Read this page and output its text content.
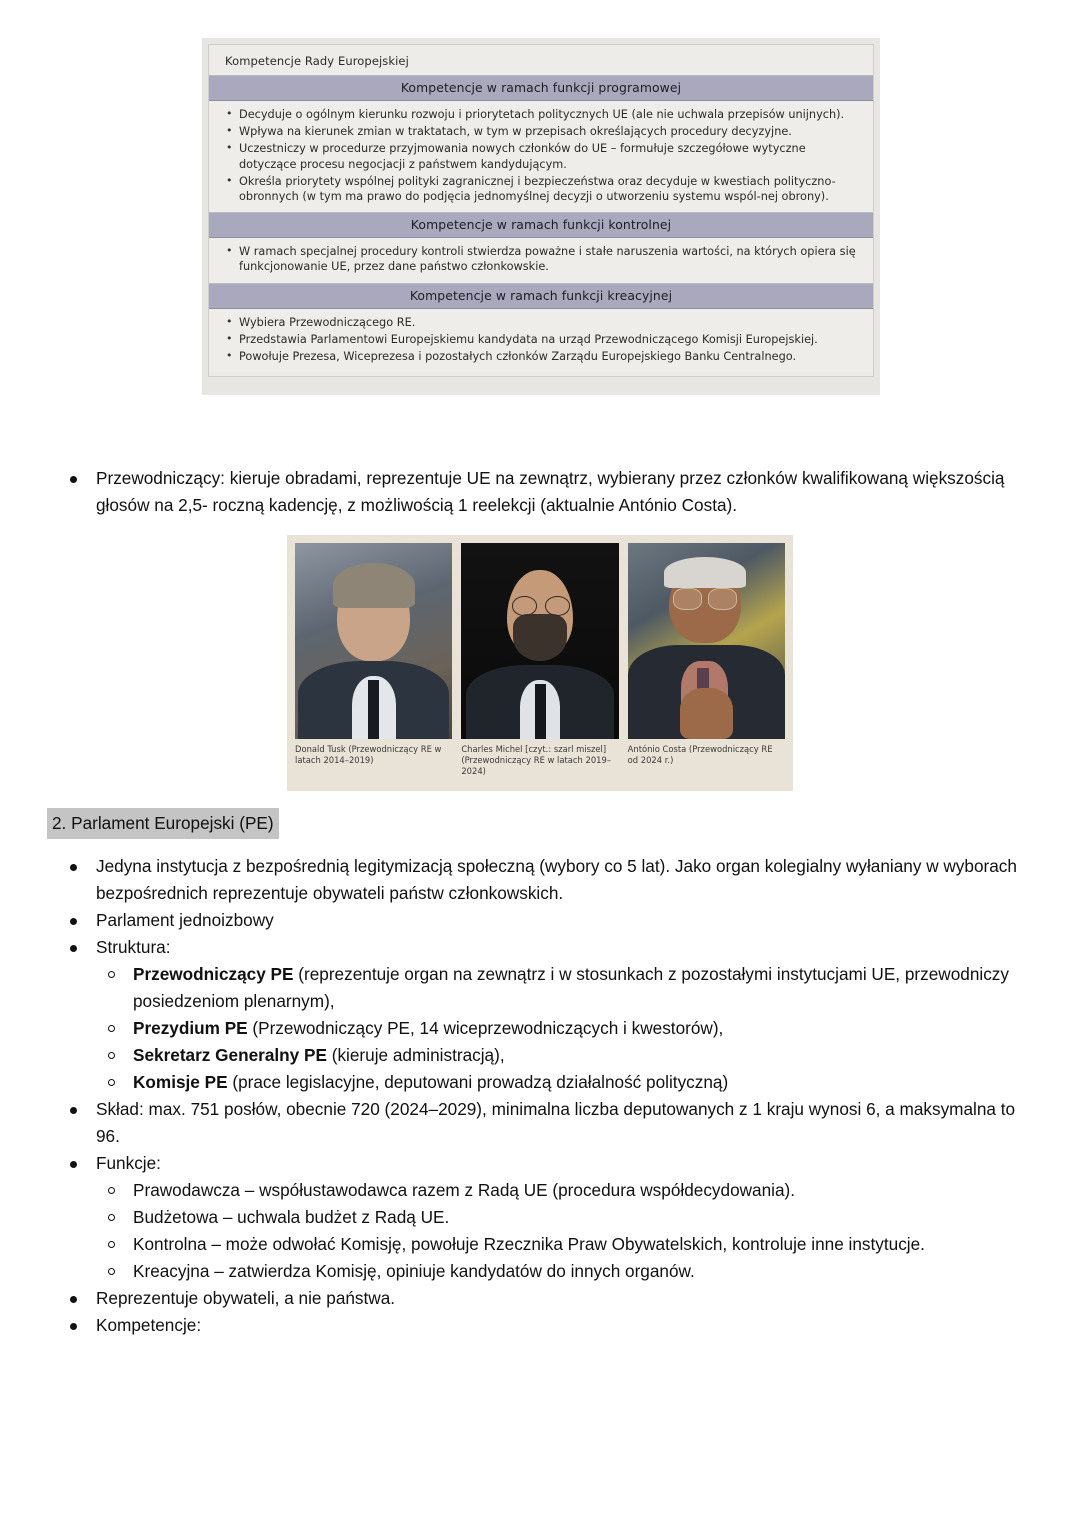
Kompetencje Rady Europejskiej
Kompetencje w ramach funkcji programowej
• Decyduje o ogólnym kierunku rozwoju i priorytetach politycznych UE (ale nie uchwala przepisów unijnych).
• Wpływa na kierunek zmian w traktatach, w tym w przepisach określających procedury decyzyjne.
• Uczestniczy w procedurze przyjmowania nowych członków do UE – formułuje szczegółowe wytyczne dotyczące procesu negocjacji z państwem kandydującym.
• Określa priorytety wspólnej polityki zagranicznej i bezpieczeństwa oraz decyduje w kwestiach polityczno-obronnych (w tym ma prawo do podjęcia jednomyślnej decyzji o utworzeniu systemu wspól-nej obrony).
Kompetencje w ramach funkcji kontrolnej
• W ramach specjalnej procedury kontroli stwierdza poważne i stałe naruszenia wartości, na których opiera się funkcjonowanie UE, przez dane państwo członkowskie.
Kompetencje w ramach funkcji kreacyjnej
• Wybiera Przewodniczącego RE.
• Przedstawia Parlamentowi Europejskiemu kandydata na urząd Przewodniczącego Komisji Europejskiej.
• Powołuje Prezesa, Wiceprezesa i pozostałych członków Zarządu Europejskiego Banku Centralnego.
Przewodniczący: kieruje obradami, reprezentuje UE na zewnątrz, wybierany przez członków kwalifikowaną większością głosów na 2,5- roczną kadencję, z możliwością 1 reelekcji (aktualnie António Costa).
Donald Tusk (Przewodniczący RE w latach 2014–2019)
Charles Michel [czyt.: szarl miszel] (Przewodniczący RE w latach 2019–2024)
António Costa (Przewodniczący RE od 2024 r.)
2. Parlament Europejski (PE)
Jedyna instytucja z bezpośrednią legitymizacją społeczną (wybory co 5 lat). Jako organ kolegialny wyłaniany w wyborach bezpośrednich reprezentuje obywateli państw członkowskich.
Parlament jednoizbowy
Struktura:
Przewodniczący PE (reprezentuje organ na zewnątrz i w stosunkach z pozostałymi instytucjami UE, przewodniczy posiedzeniom plenarnym),
Prezydium PE (Przewodniczący PE, 14 wiceprzewodniczących i kwestorów),
Sekretarz Generalny PE (kieruje administracją),
Komisje PE (prace legislacyjne, deputowani prowadzą działalność polityczną)
Skład: max. 751 posłów, obecnie 720 (2024–2029), minimalna liczba deputowanych z 1 kraju wynosi 6, a maksymalna to 96.
Funkcje:
Prawodawcza – współustawodawca razem z Radą UE (procedura współdecydowania).
Budżetowa – uchwala budżet z Radą UE.
Kontrolna – może odwołać Komisję, powołuje Rzecznika Praw Obywatelskich, kontroluje inne instytucje.
Kreacyjna – zatwierdza Komisję, opiniuje kandydatów do innych organów.
Reprezentuje obywateli, a nie państwa.
Kompetencje:
